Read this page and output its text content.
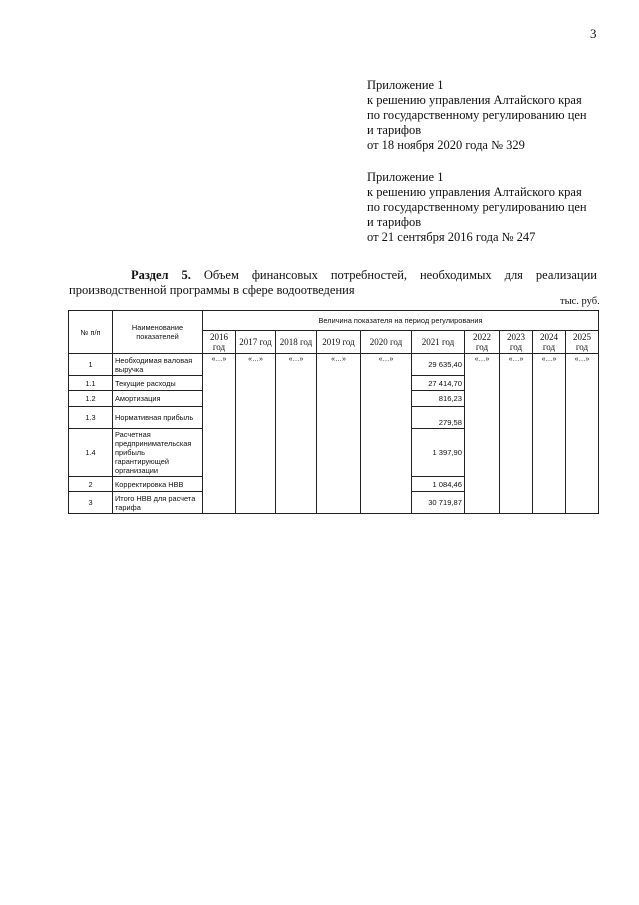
3
Приложение 1
к решению управления Алтайского края
по государственному регулированию цен
и тарифов
от 18 ноября 2020 года № 329
Приложение 1
к решению управления Алтайского края
по государственному регулированию цен
и тарифов
от 21 сентября 2016 года № 247
Раздел 5. Объем финансовых потребностей, необходимых для реализации производственной программы в сфере водоотведения
тыс. руб.
№ п/п	Наименование показателей	Величина показателя на период регулирования									
		2016 год	2017 год	2018 год	2019 год	2020 год	2021 год	2022 год	2023 год	2024 год	2025 год
1	Необходимая валовая выручка	«…»	«…»	«…»	«…»	«…»	29 635,40	«…»	«…»	«…»	«…»
1.1	Текущие расходы						27 414,70				
1.2	Амортизация						816,23				
1.3	Нормативная прибыль						279,58				
1.4	Расчетная предпринимательская прибыль гарантирующей организации						1 397,90				
2	Корректировка НВВ						1 084,46				
3	Итого НВВ для расчета тарифа						30 719,87				
